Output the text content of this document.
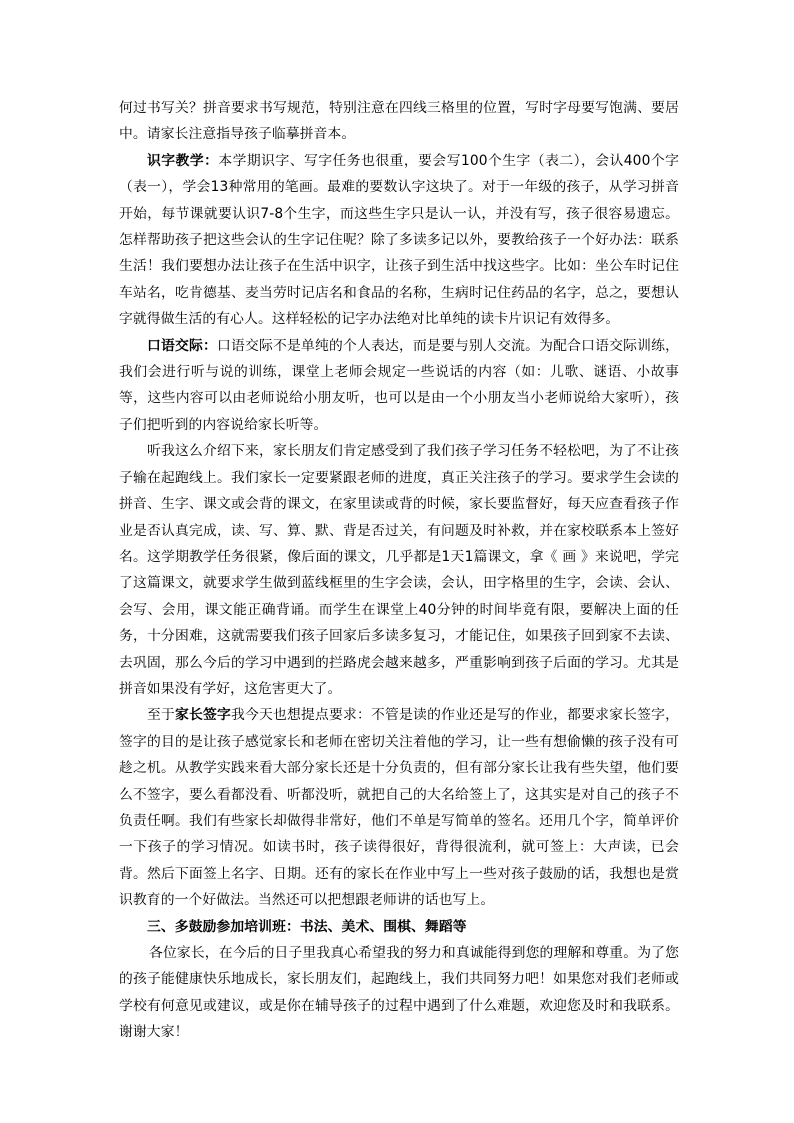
何过书写关？拼音要求书写规范，特别注意在四线三格里的位置，写时字母要写饱满、要居中。请家长注意指导孩子临摹拼音本。

识字教学：本学期识字、写字任务也很重，要会写100个生字（表二），会认400个字（表一），学会13种常用的笔画。最难的要数认字这块了。对于一年级的孩子，从学习拼音开始，每节课就要认识7-8个生字，而这些生字只是认一认，并没有写，孩子很容易遗忘。怎样帮助孩子把这些会认的生字记住呢？除了多读多记以外，要教给孩子一个好办法：联系生活！我们要想办法让孩子在生活中识字，让孩子到生活中找这些字。比如：坐公车时记住车站名，吃肯德基、麦当劳时记店名和食品的名称，生病时记住药品的名字，总之，要想认字就得做生活的有心人。这样轻松的记字办法绝对比单纯的读卡片识记有效得多。

口语交际：口语交际不是单纯的个人表达，而是要与别人交流。为配合口语交际训练，我们会进行听与说的训练，课堂上老师会规定一些说话的内容（如：儿歌、谜语、小故事等，这些内容可以由老师说给小朋友听，也可以是由一个小朋友当小老师说给大家听），孩子们把听到的内容说给家长听等。

听我这么介绍下来，家长朋友们肯定感受到了我们孩子学习任务不轻松吧，为了不让孩子输在起跑线上。我们家长一定要紧跟老师的进度，真正关注孩子的学习。要求学生会读的拼音、生字、课文或会背的课文，在家里读或背的时候，家长要监督好，每天应查看孩子作业是否认真完成，读、写、算、默、背是否过关，有问题及时补救，并在家校联系本上签好名。这学期教学任务很紧，像后面的课文，几乎都是1天1篇课文，拿《 画 》来说吧，学完了这篇课文，就要求学生做到蓝线框里的生字会读，会认，田字格里的生字，会读、会认、会写、会用，课文能正确背诵。而学生在课堂上40分钟的时间毕竟有限，要解决上面的任务，十分困难，这就需要我们孩子回家后多读多复习，才能记住，如果孩子回到家不去读、去巩固，那么今后的学习中遇到的拦路虎会越来越多，严重影响到孩子后面的学习。尤其是拼音如果没有学好，这危害更大了。

至于家长签字我今天也想提点要求：不管是读的作业还是写的作业，都要求家长签字，签字的目的是让孩子感觉家长和老师在密切关注着他的学习，让一些有想偷懒的孩子没有可趁之机。从教学实践来看大部分家长还是十分负责的，但有部分家长让我有些失望，他们要么不签字，要么看都没看、听都没听，就把自己的大名给签上了，这其实是对自己的孩子不负责任啊。我们有些家长却做得非常好，他们不单是写简单的签名。还用几个字，简单评价一下孩子的学习情况。如读书时，孩子读得很好，背得很流利，就可签上：大声读，已会背。然后下面签上名字、日期。还有的家长在作业中写上一些对孩子鼓励的话，我想也是赏识教育的一个好做法。当然还可以把想跟老师讲的话也写上。

三、多鼓励参加培训班：书法、美术、围棋、舞蹈等

各位家长，在今后的日子里我真心希望我的努力和真诚能得到您的理解和尊重。为了您的孩子能健康快乐地成长，家长朋友们，起跑线上，我们共同努力吧！如果您对我们老师或学校有何意见或建议，或是你在辅导孩子的过程中遇到了什么难题，欢迎您及时和我联系。谢谢大家！
